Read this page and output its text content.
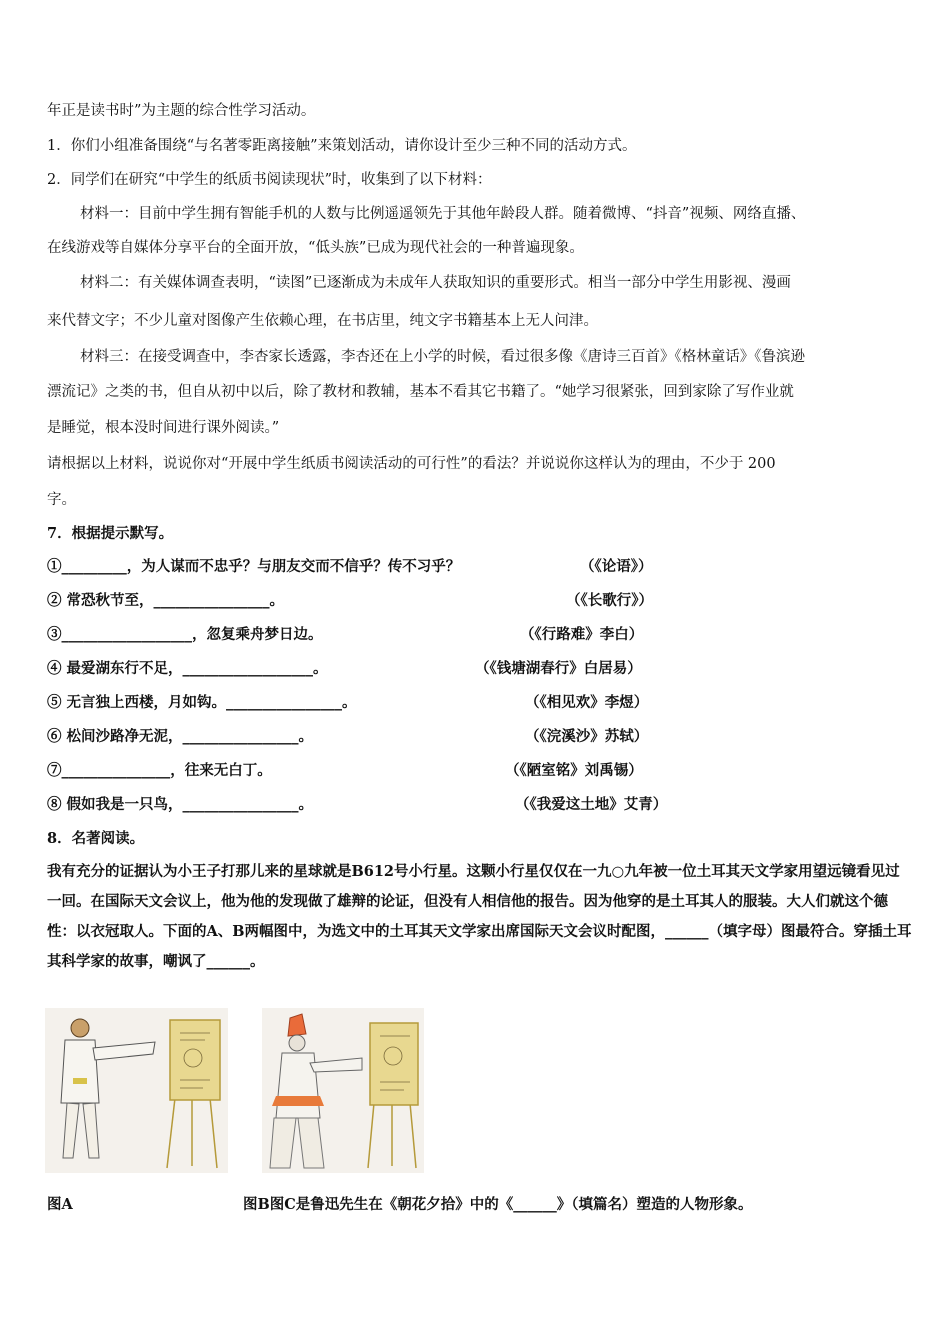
年正是读书时”为主题的综合性学习活动。
1．你们小组准备围绕“与名著零距离接触”来策划活动，请你设计至少三种不同的活动方式。
2．同学们在研究“中学生的纸质书阅读现状”时，收集到了以下材料：
材料一：目前中学生拥有智能手机的人数与比例遥遥领先于其他年龄段人群。随着微博、“抖音”视频、网络直播、
在线游戏等自媒体分享平台的全面开放，“低头族”已成为现代社会的一种普遍现象。
材料二：有关媒体调查表明，“读图”已逐渐成为未成年人获取知识的重要形式。相当一部分中学生用影视、漫画
来代替文字；不少儿童对图像产生依赖心理，在书店里，纯文字书籍基本上无人问津。
材料三：在接受调查中，李杏家长透露，李杏还在上小学的时候，看过很多像《唐诗三百首》《格林童话》《鲁滨逊
漂流记》之类的书，但自从初中以后，除了教材和教辅，基本不看其它书籍了。“她学习很紧张，回到家除了写作业就
是睡觉，根本没时间进行课外阅读。”
请根据以上材料，说说你对“开展中学生纸质书阅读活动的可行性”的看法？并说说你这样认为的理由，不少于 200
字。
7．根据提示默写。
①_________，为人谋而不忠乎？与朋友交而不信乎？传不习乎？	（《论语》）
② 常恐秋节至，________________。	（《长歌行》）
③__________________，忽复乘舟梦日边。	（《行路难》李白）
④ 最爱湖东行不足，__________________。	（《钱塘湖春行》白居易）
⑤ 无言独上西楼，月如钩。________________。	（《相见欢》李煜）
⑥ 松间沙路净无泥，________________。	（《浣溪沙》苏轼）
⑦_______________，往来无白丁。	（《陋室铭》刘禹锡）
⑧ 假如我是一只鸟，________________。	（《我爱这土地》艾青）
8．名著阅读。
我有充分的证据认为小王子打那儿来的星球就是B612号小行星。这颗小行星仅仅在一九○九年被一位土耳其天文学家用望远镜看见过一回。在国际天文会议上，他为他的发现做了雄辩的论证，但没有人相信他的报告。因为他穿的是土耳其人的服装。大人们就这个德性：以衣冠取人。下面的A、B两幅图中，为选文中的土耳其天文学家出席国际天文会议时配图，______（填字母）图最符合。穿插土耳其科学家的故事，嘲讽了______。
图A	图B图C是鲁迅先生在《朝花夕拾》中的《______》（填篇名）塑造的人物形象。
